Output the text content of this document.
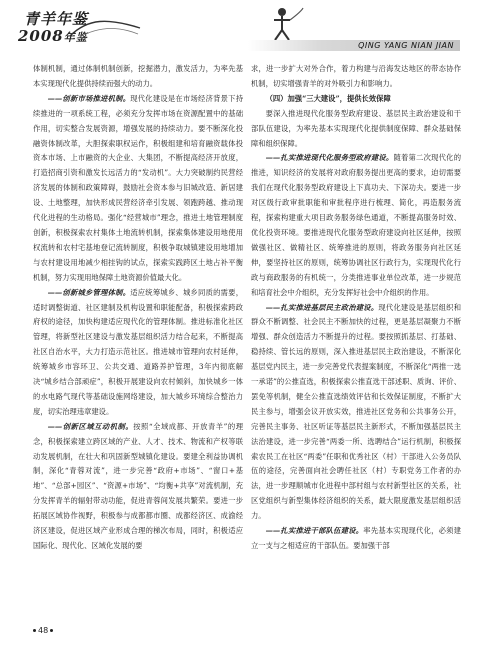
青羊年鉴
2008年鉴
QING YANG NIAN JIAN

体制机制，通过体制机制创新，挖掘潜力，激发活力，为率先基本实现现代化提供持续而强大的动力。

——创新市场推进机制。现代化建设是在市场经济背景下持续推进的一项系统工程，必须充分发挥市场在资源配置中的基础作用，切实整合发展资源，增强发展的持续动力。要不断深化投融资体制改革，大胆探索职权运作，积极组建和培育融资载体投资本市场、上市融资的大企业、大集团，不断提高经济开放度，打造招商引资和激发长远活力的“发动机”。大力突破制约民营经济发展的体制和政策障碍，鼓励社会资本参与旧城改造、新居建设、土地整理，加快形成民营经济牵引发展、领跑跨越、推动现代化进程的生动格局。强化“经营城市”理念，推进土地管理制度创新，积极探索农村集体土地流转机制，探索集体建设用地使用权流转和农村宅基地登记流转制度，积极争取城镇建设用地增加与农村建设用地减少相挂钩的试点，探索实践跨区土地占补平衡机制，努力实现用地保障土地资源价值最大化。

——创新城乡管理体制。适应统筹城乡、城乡同质的需要，适时调整街道、社区建制及机构设置和职能配备，积极探索跨政府权的途径，加快构建适应现代化的管理体制。推进标准化社区管理，将新型社区建设与激发基层组织活力结合起来，不断提高社区自治水平，大力打造示范社区。推进城市管理向农村延伸，统筹城乡市容环卫、公共交通、道路养护管理，3年内彻底解决“城乡结合部顽症”，积极开展建设向农村倾斜，加快城乡一体的水电路气现代等基础设施网络建设，加大城乡环境综合整治力度，切实治理违章建设。

——创新区域互动机制。按照“全域成都、开放青羊”的理念，积极探索建立跨区域的产业、人才、技术、物流和产权等联动发展机制，在壮大和巩固新型城镇化建设。要建全利益协调机制，深化“青蓉对流”，进一步完善“政府+市场”、“窗口+基地”、“总部+园区”、“资源+市场”、“均衡+共享”对流机制，充分发挥青羊的辐射带动功能，促进青蓉间发展共繁荣。要进一步拓展区域协作视野，积极参与成都都市圈、成都经济区、成渝经济区建设，促进区域产业形成合理的梯次布局，同时，积极适应国际化、现代化、区域化发展的要

求，进一步扩大对外合作，着力构建与沿海发达地区的带态协作机制，切实增强青羊的对外吸引力和影响力。

（四）加强“三大建设”，提供长效保障

要深入推进现代化服务型政府建设、基层民主政治建设和干部队伍建设，为率先基本实现现代化提供制度保障、群众基础保障和组织保障。

——扎实推进现代化服务型政府建设。随着第二次现代化的推进，知识经济的发展将对政府服务提出更高的要求，迫切需要我们在现代化服务型政府建设上下真功夫、下深功夫。要进一步对区级行政审批职能和审批程序进行梳理、简化，再造服务流程，探索构建重大项目政务服务绿色通道，不断提高服务时效、优化投资环境。要推进现代化服务型政府建设向社区延伸，按照做强社区、做精社区、统筹推进的原则，将政务服务向社区延伸，要坚持社区的原则，统筹协调社区行政行为，实现现代化行政与商政服务的有机统一，分类推进事业单位改革，进一步规范和培育社会中介组织，充分发挥好社会中介组织的作用。

——扎实推进基层民主政治建设。现代化建设是基层组织和群众不断调整、社会民主不断加快的过程，更是基层凝聚力不断增强、群众创造活力不断提升的过程。要按照抓基层、打基础、稳持续、管长远的原则，深入推进基层民主政治建设，不断深化基层党内民主，进一步完善党代表提案制度，不断深化“两推一选一承诺”的公推直选，积极探索公推直选干部述职、质询、评价、罢免等机制，健全公推直选绩效评估和长效保证制度，不断扩大民主参与，增强会议开放实效，推进社区党务和公共事务公开，完善民主事务、社区听证等基层民主新形式，不断加强基层民主法治建设，进一步完善“两委一所、选聘结合”运行机制，积极探索农民工在社区“两委”任职和优秀社区（村）干部进入公务员队伍的途径，完善面向社会聘任社区（村）专职党务工作者的办法，进一步理顺城市化进程中部村组与农村新型社区的关系，社区党组织与新型集体经济组织的关系，最大限度激发基层组织活力。

——扎实推进干部队伍建设。率先基本实现现代化，必须建立一支与之相适应的干部队伍。要加强干部

48
